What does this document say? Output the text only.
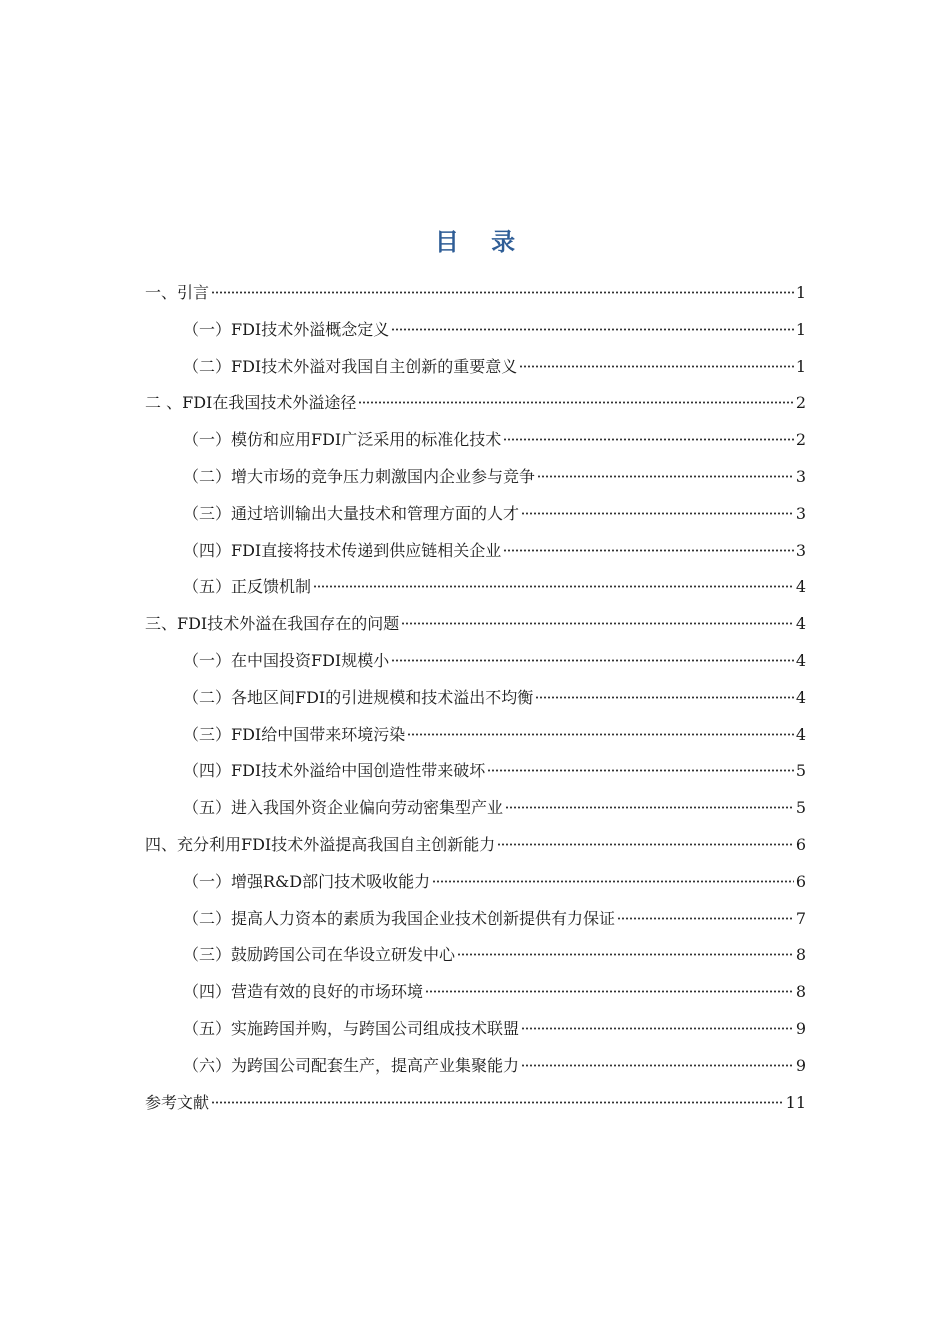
目 录
一、引言	1
（一）FDI技术外溢概念定义	1
（二）FDI技术外溢对我国自主创新的重要意义	1
二 、FDI在我国技术外溢途径	2
（一）模仿和应用FDI广泛采用的标准化技术	2
（二）增大市场的竞争压力刺激国内企业参与竞争	3
（三）通过培训输出大量技术和管理方面的人才	3
（四）FDI直接将技术传递到供应链相关企业	3
（五）正反馈机制	4
三、FDI技术外溢在我国存在的问题	4
（一）在中国投资FDI规模小	4
（二）各地区间FDI的引进规模和技术溢出不均衡	4
（三）FDI给中国带来环境污染	4
（四）FDI技术外溢给中国创造性带来破坏	5
（五）进入我国外资企业偏向劳动密集型产业	5
四、充分利用FDI技术外溢提高我国自主创新能力	6
（一）增强R&D部门技术吸收能力	6
（二）提高人力资本的素质为我国企业技术创新提供有力保证	7
（三）鼓励跨国公司在华设立研发中心	8
（四）营造有效的良好的市场环境	8
（五）实施跨国并购，与跨国公司组成技术联盟	9
（六）为跨国公司配套生产，提高产业集聚能力	9
参考文献	11
